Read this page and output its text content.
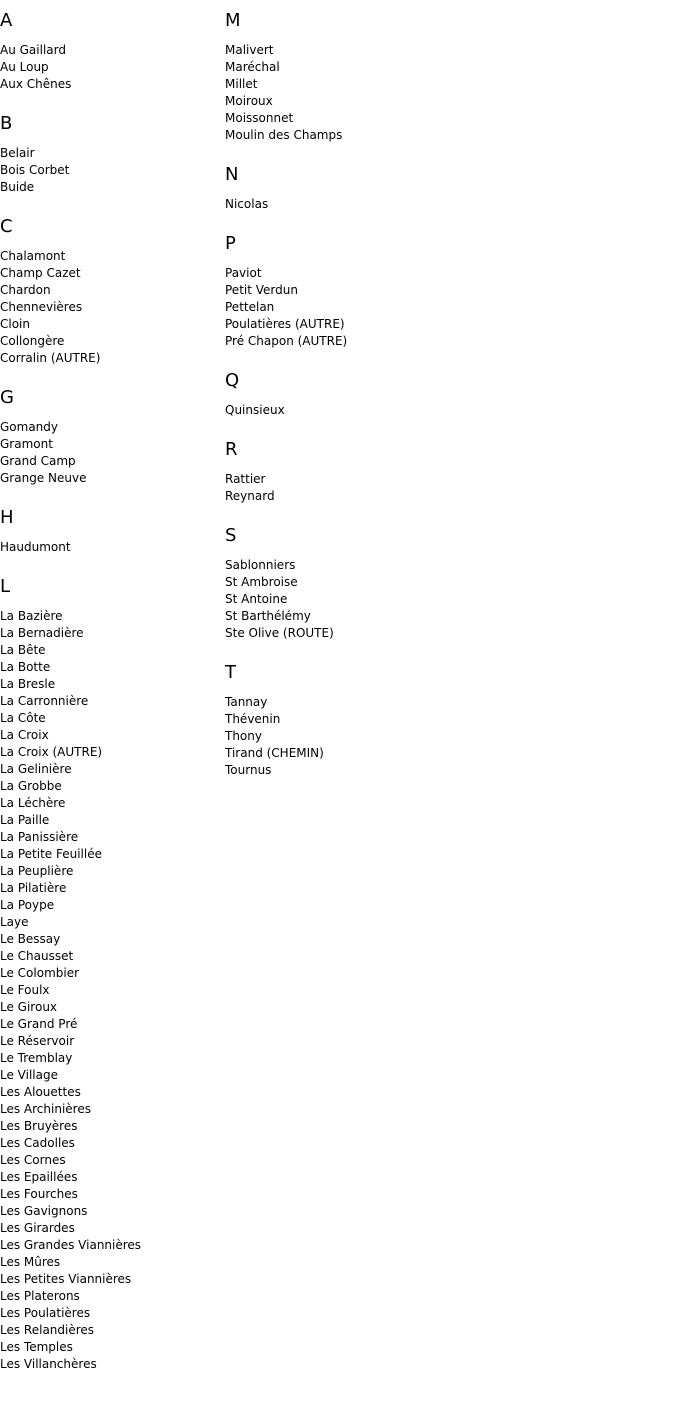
A
Au Gaillard
Au Loup
Aux Chênes
B
Belair
Bois Corbet
Buide
C
Chalamont
Champ Cazet
Chardon
Chennevières
Cloin
Collongère
Corralin (AUTRE)
G
Gomandy
Gramont
Grand Camp
Grange Neuve
H
Haudumont
L
La Bazière
La Bernadière
La Bête
La Botte
La Bresle
La Carronnière
La Côte
La Croix
La Croix (AUTRE)
La Gelinière
La Grobbe
La Léchère
La Paille
La Panissière
La Petite Feuillée
La Peuplière
La Pilatière
La Poype
Laye
Le Bessay
Le Chausset
Le Colombier
Le Foulx
Le Giroux
Le Grand Pré
Le Réservoir
Le Tremblay
Le Village
Les Alouettes
Les Archinières
Les Bruyères
Les Cadolles
Les Cornes
Les Epaillées
Les Fourches
Les Gavignons
Les Girardes
Les Grandes Viannières
Les Mûres
Les Petites Viannières
Les Platerons
Les Poulatières
Les Relandières
Les Temples
Les Villanchères
M
Malivert
Maréchal
Millet
Moiroux
Moissonnet
Moulin des Champs
N
Nicolas
P
Paviot
Petit Verdun
Pettelan
Poulatières (AUTRE)
Pré Chapon (AUTRE)
Q
Quinsieux
R
Rattier
Reynard
S
Sablonniers
St Ambroise
St Antoine
St Barthélémy
Ste Olive (ROUTE)
T
Tannay
Thévenin
Thony
Tirand (CHEMIN)
Tournus
